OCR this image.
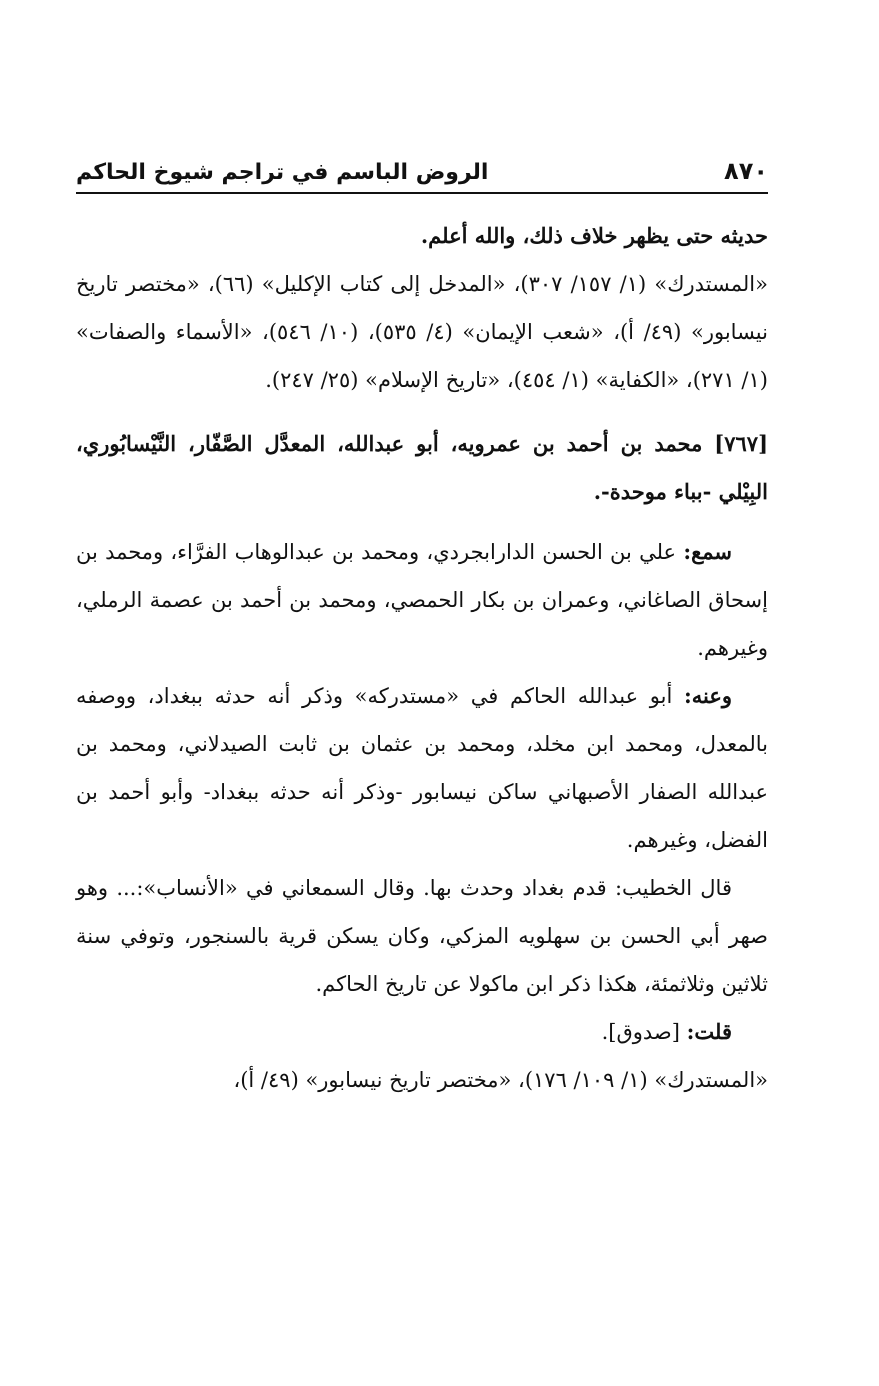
٨٧٠
الروض الباسم في تراجم شيوخ الحاكم

حديثه حتى يظهر خلاف ذلك، والله أعلم.

«المستدرك» (١/ ١٥٧/ ٣٠٧)، «المدخل إلى كتاب الإكليل» (٦٦)، «مختصر تاريخ نيسابور» (٤٩/ أ)، «شعب الإيمان» (٤/ ٥٣٥)، (١٠/ ٥٤٦)، «الأسماء والصفات» (١/ ٢٧١)، «الكفاية» (١/ ٤٥٤)، «تاريخ الإسلام» (٢٥/ ٢٤٧).

[٧٦٧] محمد بن أحمد بن عمرويه، أبو عبدالله، المعدَّل الصَّفّار، النَّيْسابُوري، البِيْلي -بباء موحدة-.

سمع: علي بن الحسن الدارابجردي، ومحمد بن عبدالوهاب الفرَّاء، ومحمد بن إسحاق الصاغاني، وعمران بن بكار الحمصي، ومحمد بن أحمد بن عصمة الرملي، وغيرهم.

وعنه: أبو عبدالله الحاكم في «مستدركه» وذكر أنه حدثه ببغداد، ووصفه بالمعدل، ومحمد ابن مخلد، ومحمد بن عثمان بن ثابت الصيدلاني، ومحمد بن عبدالله الصفار الأصبهاني ساكن نيسابور -وذكر أنه حدثه ببغداد- وأبو أحمد بن الفضل، وغيرهم.

قال الخطيب: قدم بغداد وحدث بها. وقال السمعاني في «الأنساب»:... وهو صهر أبي الحسن بن سهلويه المزكي، وكان يسكن قرية بالسنجور، وتوفي سنة ثلاثين وثلاثمئة، هكذا ذكر ابن ماكولا عن تاريخ الحاكم.

قلت: [صدوق].

«المستدرك» (١/ ١٠٩/ ١٧٦)، «مختصر تاريخ نيسابور» (٤٩/ أ)،
